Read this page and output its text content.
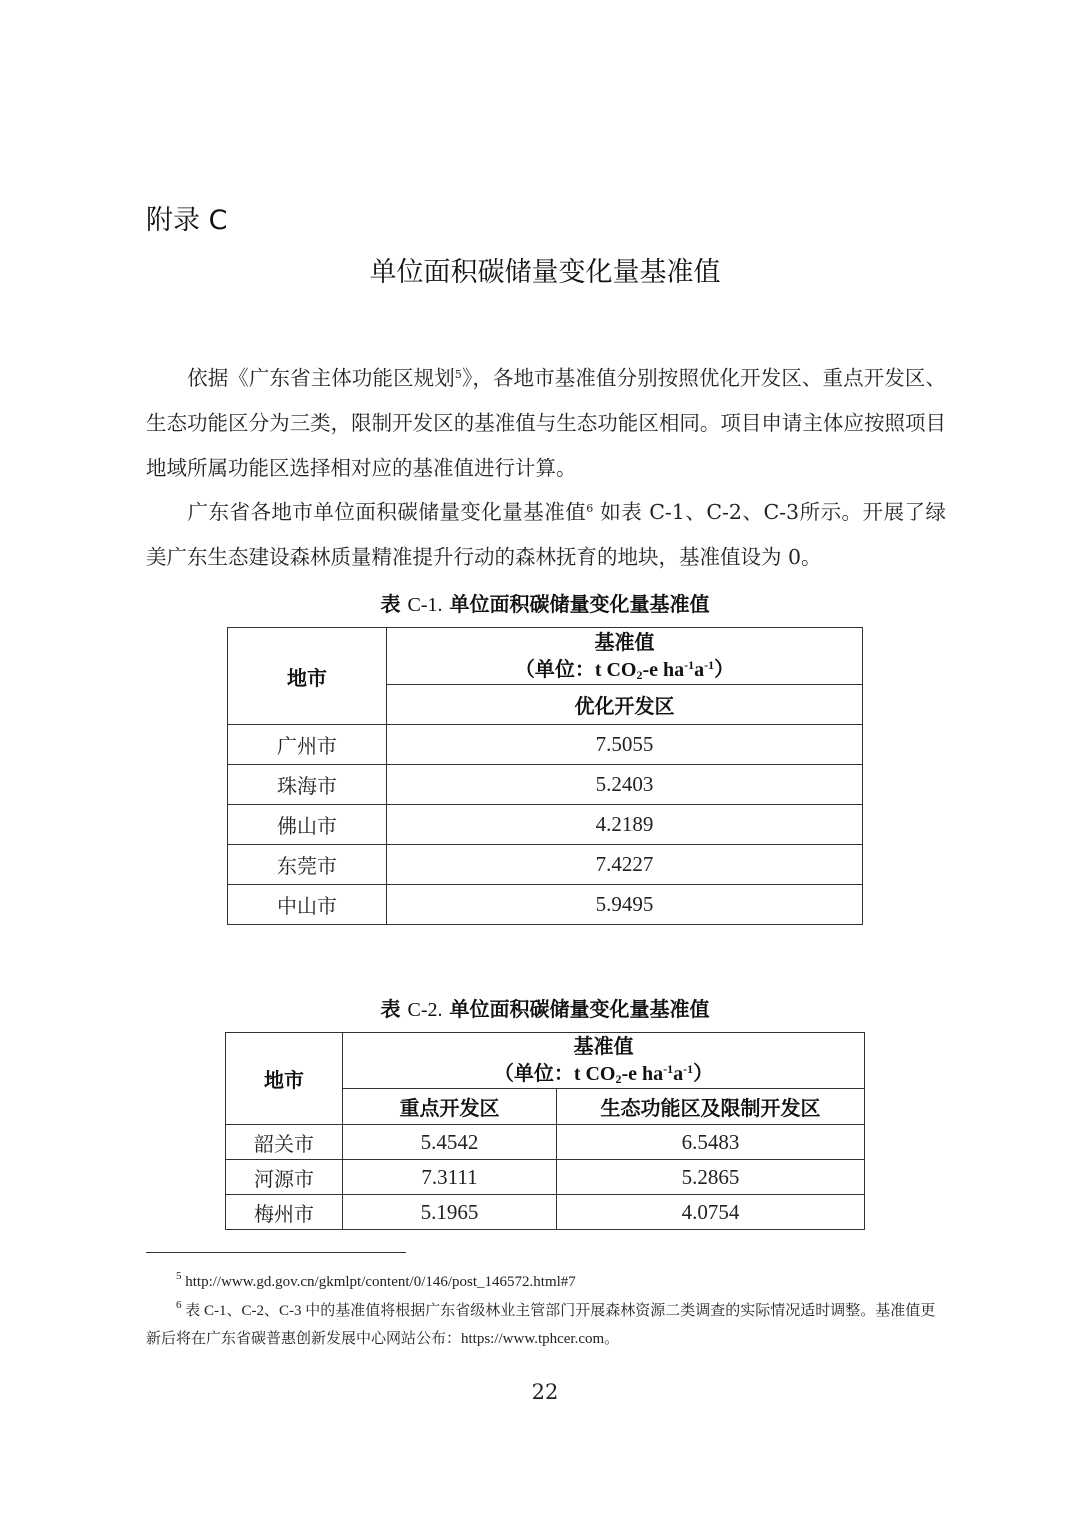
附录 C
单位面积碳储量变化量基准值
依据《广东省主体功能区规划$^5$》，各地市基准值分别按照优化开发区、重点开发区、生态功能区分为三类，限制开发区的基准值与生态功能区相同。项目申请主体应按照项目地域所属功能区选择相对应的基准值进行计算。
广东省各地市单位面积碳储量变化量基准值$^6$ 如表 C-1、C-2、C-3所示。开展了绿美广东生态建设森林质量精准提升行动的森林抚育的地块，基准值设为 0。
表 C-1. 单位面积碳储量变化量基准值
地市	基准值
（单位：t $CO_2-e$ $ha^{-1}a^{-1}$）

	优化开发区
广州市	7.5055
珠海市	5.2403
佛山市	4.2189
东莞市	7.4227
中山市	5.9495
表 C-2. 单位面积碳储量变化量基准值
地市	基准值
（单位：t $CO_2-e$ $ha^{-1}a^{-1}$）	

	重点开发区	生态功能区及限制开发区
韶关市	5.4542	6.5483
河源市	7.3111	5.2865
梅州市	5.1965	4.0754
$^5$ http://www.gd.gov.cn/gkmlpt/content/0/146/post_146572.html#7
$^6$ 表 C-1、C-2、C-3 中的基准值将根据广东省级林业主管部门开展森林资源二类调查的实际情况适时调整。基准值更新后将在广东省碳普惠创新发展中心网站公布：https://www.tphcer.com。
22
